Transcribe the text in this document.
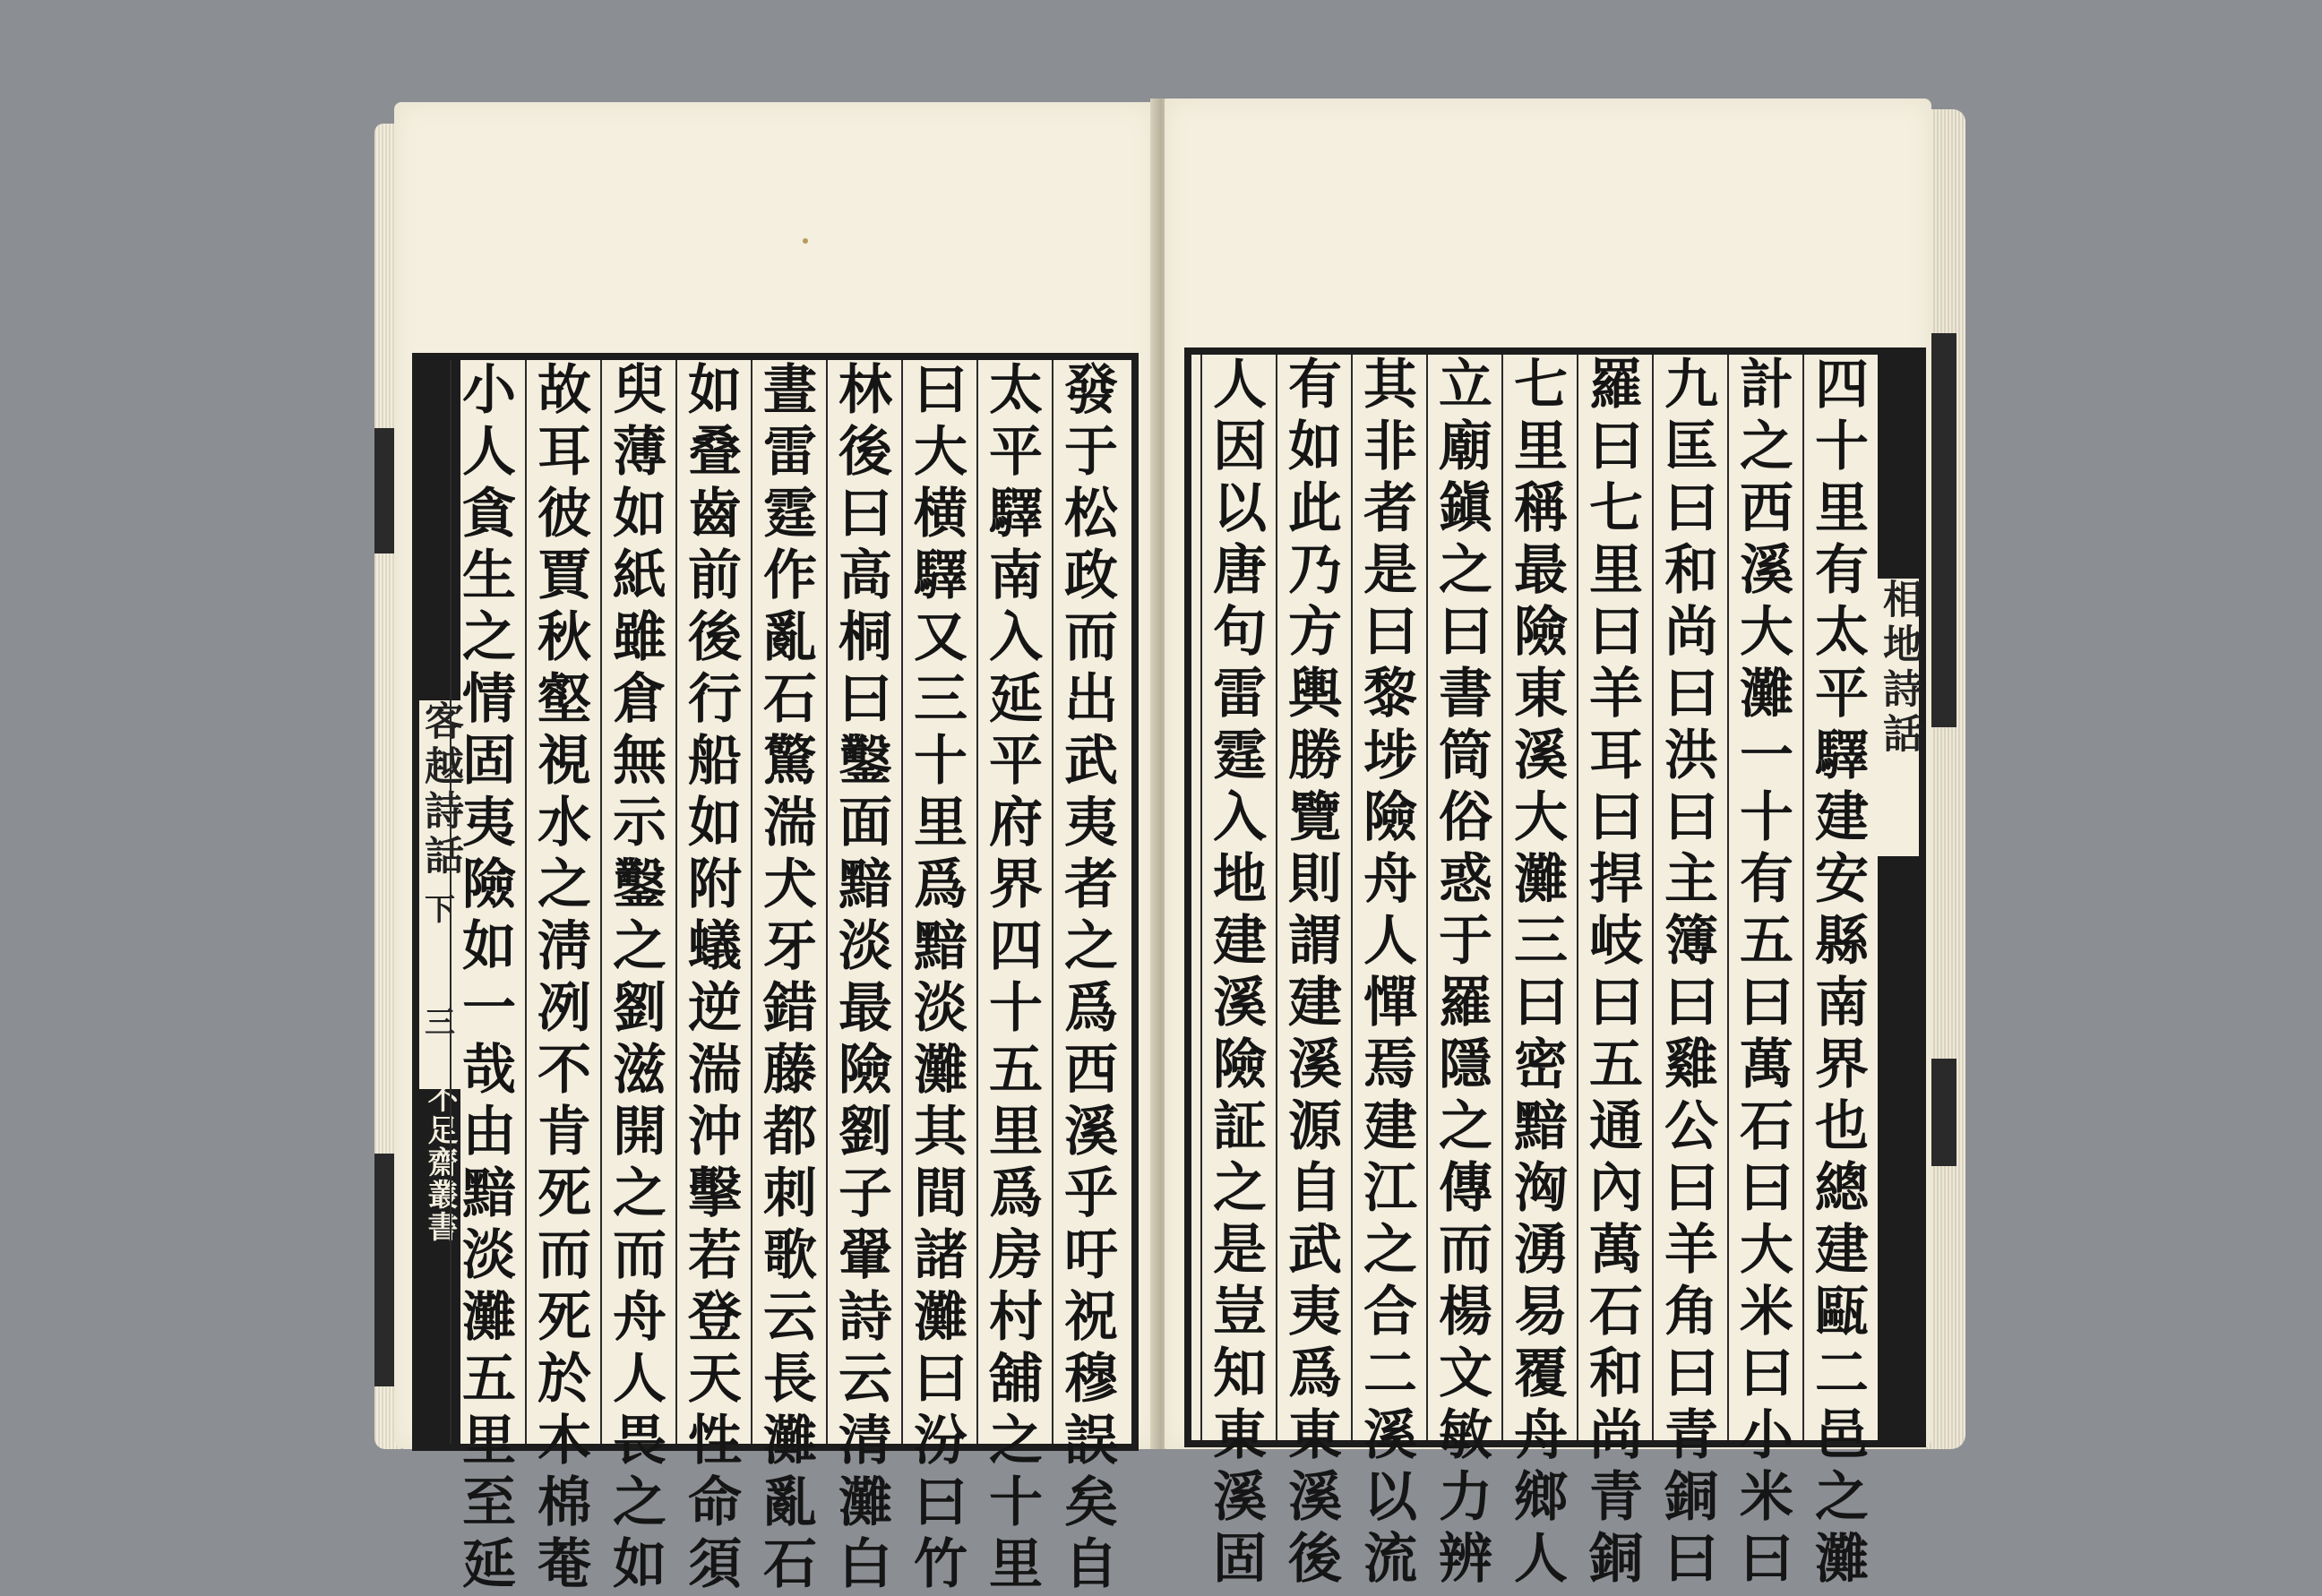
客越詩話
下
三
知不足齋叢書
發
于
松
政
而
出
武
夷
者
之
爲
西
溪
乎
吁
祝
穆
誤
矣
自
太
平
驛
南
入
延
平
府
界
四
十
五
里
爲
房
村
舖
之
十
里
曰
大
横
驛
又
三
十
里
爲
黯
淡
灘
其
間
諸
灘
曰
汾
曰
竹
林
後
曰
高
桐
曰
鑿
面
黯
淡
最
險
劉
子
翬
詩
云
清
灘
白
晝
雷
霆
作
亂
石
驚
湍
犬
牙
錯
藤
都
刺
歌
云
長
灘
亂
石
如
叠
齒
前
後
行
船
如
附
蟻
逆
湍
沖
擊
若
登
天
性
命
須
臾
薄
如
紙
雖
倉
無
示
鑿
之
劉
滋
開
之
而
舟
人
畏
之
如
故
耳
彼
賈
秋
壑
視
水
之
淸
冽
不
肯
死
而
死
於
木
棉
菴
小
人
貪
生
之
情
固
夷
險
如
一
哉
由
黯
淡
灘
五
里
至
延
四
十
里
有
太
平
驛
建
安
縣
南
界
也
總
建
甌
二
邑
之
灘
計
之
西
溪
大
灘
一
十
有
五
曰
萬
石
曰
大
米
曰
小
米
曰
九
匡
曰
和
尚
曰
洪
曰
主
簿
曰
雞
公
曰
羊
角
曰
青
銅
曰
羅
曰
七
里
曰
羊
耳
曰
捍
岐
曰
五
通
內
萬
石
和
尚
青
銅
七
里
稱
最
險
東
溪
大
灘
三
曰
密
黯
洶
湧
易
覆
舟
鄉
人
立
廟
鎭
之
曰
書
筒
俗
惑
于
羅
隱
之
傳
而
楊
文
敏
力
辨
其
非
者
是
曰
黎
埗
險
舟
人
憚
焉
建
江
之
合
二
溪
以
流
有
如
此
乃
方
輿
勝
覽
則
謂
建
溪
源
自
武
夷
爲
東
溪
後
人
因
以
唐
句
雷
霆
入
地
建
溪
險
証
之
是
豈
知
東
溪
固
相地詩話
